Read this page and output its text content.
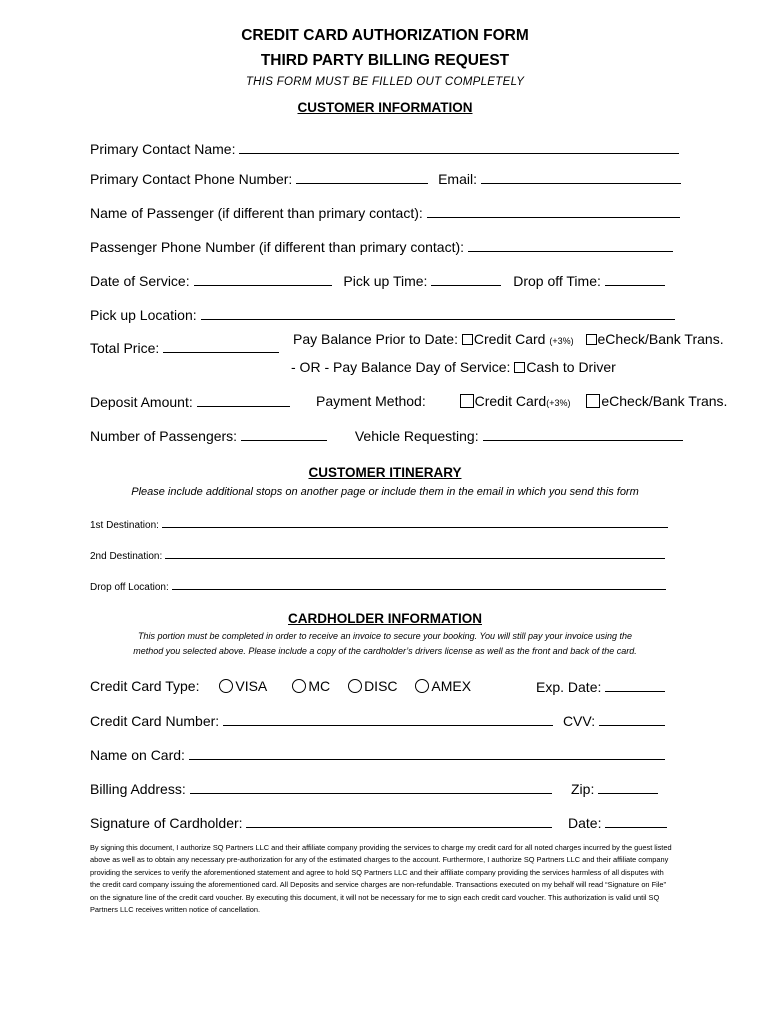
CREDIT CARD AUTHORIZATION FORM
THIRD PARTY BILLING REQUEST
THIS FORM MUST BE FILLED OUT COMPLETELY
CUSTOMER INFORMATION
Primary Contact Name:
Primary Contact Phone Number:	Email:
Name of Passenger (if different than primary contact):
Passenger Phone Number (if different than primary contact):
Date of Service:	Pick up Time:	Drop off Time:
Pick up Location:
Total Price:
Pay Balance Prior to Date: Credit Card (+3%) eCheck/Bank Trans.
- OR - Pay Balance Day of Service: Cash to Driver
Deposit Amount:	Payment Method:	Credit Card(+3%) eCheck/Bank Trans.
Number of Passengers:	Vehicle Requesting:
CUSTOMER ITINERARY
Please include additional stops on another page or include them in the email in which you send this form
1st Destination:
2nd Destination:
Drop off Location:
CARDHOLDER INFORMATION
This portion must be completed in order to receive an invoice to secure your booking. You will still pay your invoice using the
method you selected above. Please include a copy of the cardholder’s drivers license as well as the front and back of the card.
Credit Card Type:	VISA	MC DISC AMEX	Exp. Date:
Credit Card Number:	CVV:
Name on Card:
Billing Address:	Zip:
Signature of Cardholder:	Date:
By signing this document, I authorize SQ Partners LLC and their affiliate company providing the services to charge my credit card for all noted charges incurred by the guest listed above as well as to obtain any necessary pre-authorization for any of the estimated charges to the account. Furthermore, I authorize SQ Partners LLC and their affiliate company providing the services to verify the aforementioned statement and agree to hold SQ Partners LLC and their affiliate company providing the services harmless of all disputes with the credit card company issuing the aforementioned card. All Deposits and service charges are non-refundable. Transactions executed on my behalf will read “Signature on File” on the signature line of the credit card voucher. By executing this document, it will not be necessary for me to sign each credit card voucher. This authorization is valid until SQ Partners LLC receives written notice of cancellation.
